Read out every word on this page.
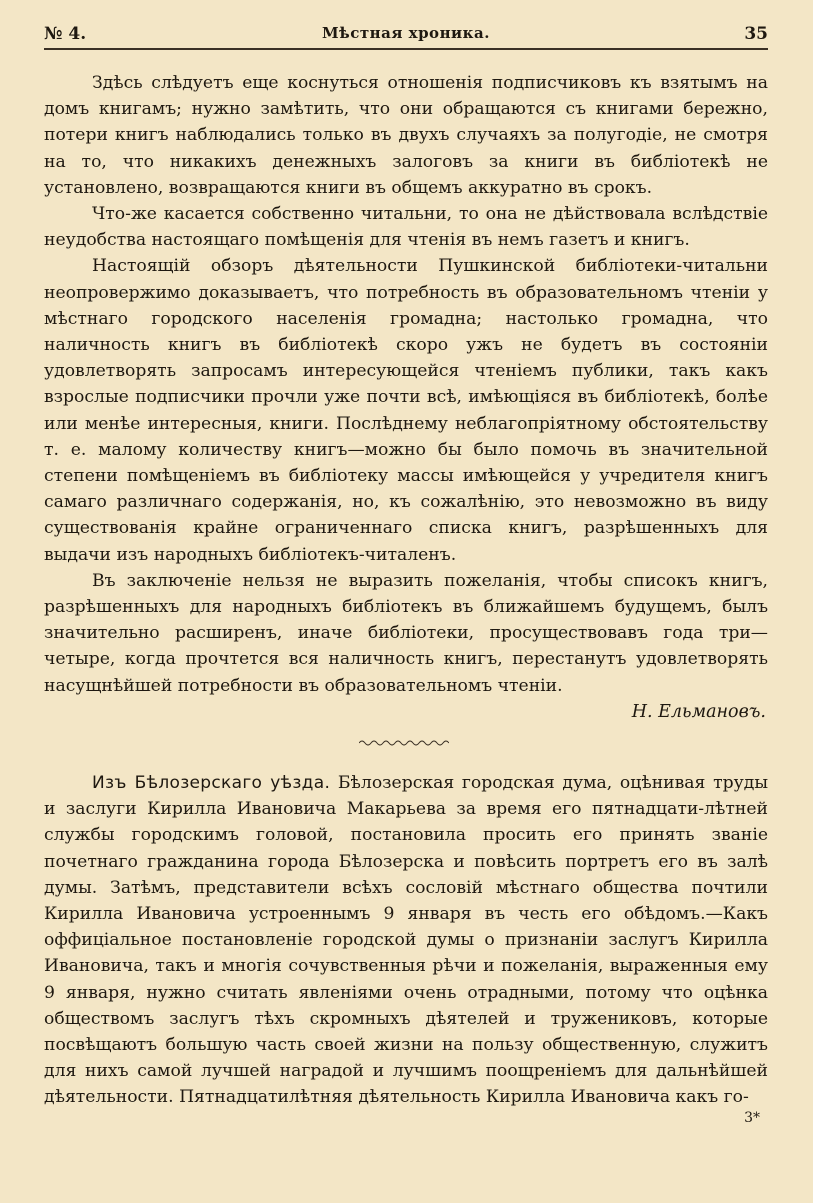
№ 4.	Мѣстная хроника.	35

Здѣсь слѣдуетъ еще коснуться отношенія подписчиковъ къ взятымъ на домъ книгамъ; нужно замѣтить, что они обращаются съ книгами бережно, потери книгъ наблюдались только въ двухъ случаяхъ за полугодіе, не смотря на то, что никакихъ денежныхъ залоговъ за книги въ библіотекѣ не установлено, возвращаются книги въ общемъ аккуратно въ срокъ.

Что-же касается собственно читальни, то она не дѣйствовала вслѣдствіе неудобства настоящаго помѣщенія для чтенія въ немъ газетъ и книгъ.

Настоящій обзоръ дѣятельности Пушкинской библіотеки-читальни неопровержимо доказываетъ, что потребность въ образовательномъ чтеніи у мѣстнаго городского населенія громадна; настолько громадна, что наличность книгъ въ библіотекѣ скоро ужъ не будетъ въ состояніи удовлетворять запросамъ интересующейся чтеніемъ публики, такъ какъ взрослые подписчики прочли уже почти всѣ, имѣющіяся въ библіотекѣ, болѣе или менѣе интересныя, книги. Послѣднему неблагопріятному обстоятельству т. е. малому количеству книгъ—можно бы было помочь въ значительной степени помѣщеніемъ въ библіотеку массы имѣющейся у учредителя книгъ самаго различнаго содержанія, но, къ сожалѣнію, это невозможно въ виду существованія крайне ограниченнаго списка книгъ, разрѣшенныхъ для выдачи изъ народныхъ библіотекъ-читаленъ.

Въ заключеніе нельзя не выразить пожеланія, чтобы списокъ книгъ, разрѣшенныхъ для народныхъ библіотекъ въ ближайшемъ будущемъ, былъ значительно расширенъ, иначе библіотеки, просуществовавъ года три—четыре, когда прочтется вся наличность книгъ, перестанутъ удовлетворять насущнѣйшей потребности въ образовательномъ чтеніи.

Н. Ельмановъ.

Изъ Бѣлозерскаго уѣзда. Бѣлозерская городская дума, оцѣнивая труды и заслуги Кирилла Ивановича Макарьева за время его пятнадцати-лѣтней службы городскимъ головой, постановила просить его принять званіе почетнаго гражданина города Бѣлозерска и повѣсить портретъ его въ залѣ думы. Затѣмъ, представители всѣхъ сословій мѣстнаго общества почтили Кирилла Ивановича устроеннымъ 9 января въ честь его обѣдомъ.—Какъ оффиціальное постановленіе городской думы о признаніи заслугъ Кирилла Ивановича, такъ и многія сочувственныя рѣчи и пожеланія, выраженныя ему 9 января, нужно считать явленіями очень отрадными, потому что оцѣнка обществомъ заслугъ тѣхъ скромныхъ дѣятелей и тружениковъ, которые посвѣщаютъ большую часть своей жизни на пользу общественную, служитъ для нихъ самой лучшей наградой и лучшимъ поощреніемъ для дальнѣйшей дѣятельности. Пятнадцатилѣтняя дѣятельность Кирилла Ивановича какъ го-

3*
